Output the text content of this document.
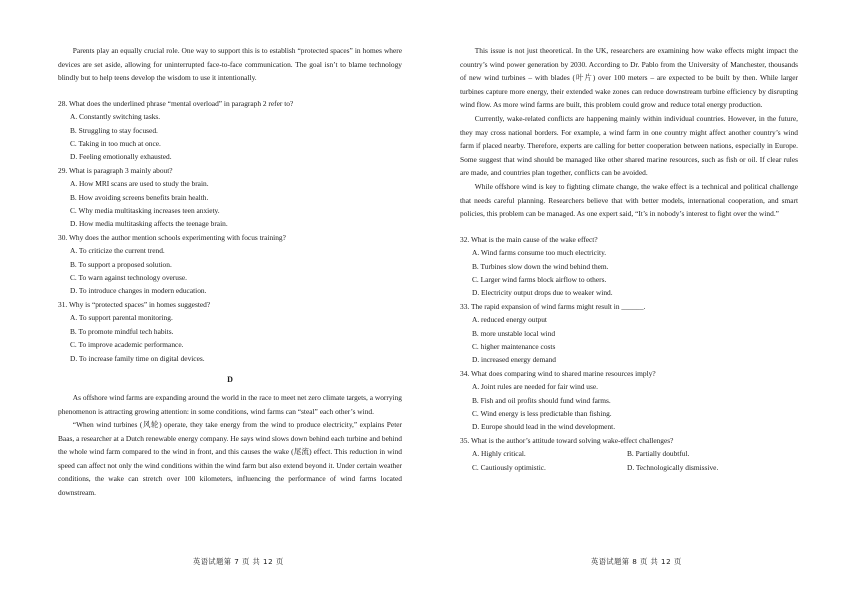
Parents play an equally crucial role. One way to support this is to establish “protected spaces” in homes where devices are set aside, allowing for uninterrupted face-to-face communication. The goal isn’t to blame technology blindly but to help teens develop the wisdom to use it intentionally.

28. What does the underlined phrase “mental overload” in paragraph 2 refer to?
A. Constantly switching tasks.
B. Struggling to stay focused.
C. Taking in too much at once.
D. Feeling emotionally exhausted.
29. What is paragraph 3 mainly about?
A. How MRI scans are used to study the brain.
B. How avoiding screens benefits brain health.
C. Why media multitasking increases teen anxiety.
D. How media multitasking affects the teenage brain.
30. Why does the author mention schools experimenting with focus training?
A. To criticize the current trend.
B. To support a proposed solution.
C. To warn against technology overuse.
D. To introduce changes in modern education.
31. Why is “protected spaces” in homes suggested?
A. To support parental monitoring.
B. To promote mindful tech habits.
C. To improve academic performance.
D. To increase family time on digital devices.
D

As offshore wind farms are expanding around the world in the race to meet net zero climate targets, a worrying phenomenon is attracting growing attention: in some conditions, wind farms can “steal” each other’s wind.

“When wind turbines (风轮) operate, they take energy from the wind to produce electricity,” explains Peter Baas, a researcher at a Dutch renewable energy company. He says wind slows down behind each turbine and behind the whole wind farm compared to the wind in front, and this causes the wake (尾流) effect. This reduction in wind speed can affect not only the wind conditions within the wind farm but also extend beyond it. Under certain weather conditions, the wake can stretch over 100 kilometers, influencing the performance of wind farms located downstream.

英语试题第 7 页 共 12 页

This issue is not just theoretical. In the UK, researchers are examining how wake effects might impact the country’s wind power generation by 2030. According to Dr. Pablo from the University of Manchester, thousands of new wind turbines – with blades (叶片) over 100 meters – are expected to be built by then. While larger turbines capture more energy, their extended wake zones can reduce downstream turbine efficiency by disrupting wind flow. As more wind farms are built, this problem could grow and reduce total energy production.

Currently, wake-related conflicts are happening mainly within individual countries. However, in the future, they may cross national borders. For example, a wind farm in one country might affect another country’s wind farm if placed nearby. Therefore, experts are calling for better cooperation between nations, especially in Europe. Some suggest that wind should be managed like other shared marine resources, such as fish or oil. If clear rules are made, and countries plan together, conflicts can be avoided.

While offshore wind is key to fighting climate change, the wake effect is a technical and political challenge that needs careful planning. Researchers believe that with better models, international cooperation, and smart policies, this problem can be managed. As one expert said, “It’s in nobody’s interest to fight over the wind.”

32. What is the main cause of the wake effect?
A. Wind farms consume too much electricity.
B. Turbines slow down the wind behind them.
C. Larger wind farms block airflow to others.
D. Electricity output drops due to weaker wind.
33. The rapid expansion of wind farms might result in ______.
A. reduced energy output
B. more unstable local wind
C. higher maintenance costs
D. increased energy demand
34. What does comparing wind to shared marine resources imply?
A. Joint rules are needed for fair wind use.
B. Fish and oil profits should fund wind farms.
C. Wind energy is less predictable than fishing.
D. Europe should lead in the wind development.
35. What is the author’s attitude toward solving wake-effect challenges?
A. Highly critical.	B. Partially doubtful.
C. Cautiously optimistic.	D. Technologically dismissive.
英语试题第 8 页 共 12 页
